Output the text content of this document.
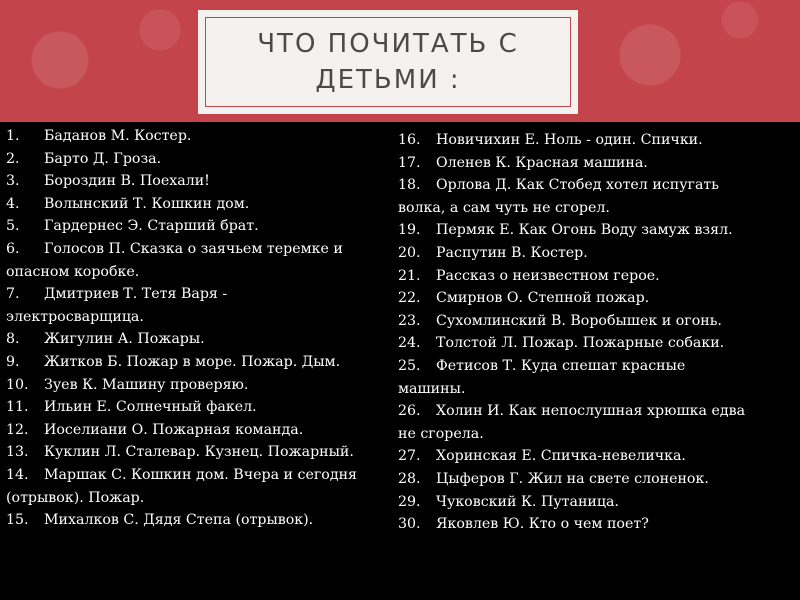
ЧТО ПОЧИТАТЬ С ДЕТЬМИ :
1. Баданов М. Костер.
2. Барто Д. Гроза.
3. Бороздин В. Поехали!
4. Волынский Т. Кошкин дом.
5. Гардернес Э. Старший брат.
6. Голосов П. Сказка о заячьем теремке и
опасном коробке.
7. Дмитриев Т. Тетя Варя -
электросварщица.
8. Жигулин А. Пожары.
9. Житков Б. Пожар в море. Пожар. Дым.
10. Зуев К. Машину проверяю.
11. Ильин Е. Солнечный факел.
12. Иоселиани О. Пожарная команда.
13. Куклин Л. Сталевар. Кузнец. Пожарный.
14. Маршак С. Кошкин дом. Вчера и сегодня
(отрывок). Пожар.
15. Михалков С. Дядя Степа (отрывок).
16. Новичихин Е. Ноль - один. Спички.
17. Оленев К. Красная машина.
18. Орлова Д. Как Стобед хотел испугать
волка, а сам чуть не сгорел.
19. Пермяк Е. Как Огонь Воду замуж взял.
20. Распутин В. Костер.
21. Рассказ о неизвестном герое.
22. Смирнов О. Степной пожар.
23. Сухомлинский В. Воробышек и огонь.
24. Толстой Л. Пожар. Пожарные собаки.
25. Фетисов Т. Куда спешат красные
машины.
26. Холин И. Как непослушная хрюшка едва
не сгорела.
27. Хоринская Е. Спичка-невеличка.
28. Цыферов Г. Жил на свете слоненок.
29. Чуковский К. Путаница.
30. Яковлев Ю. Кто о чем поет?
